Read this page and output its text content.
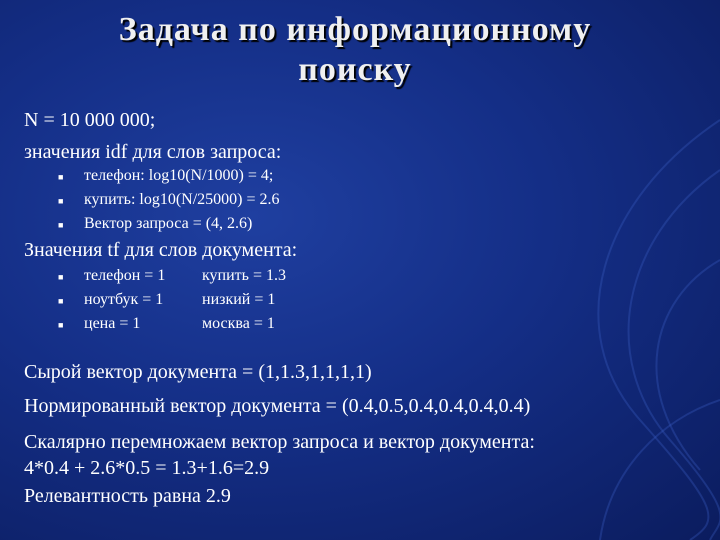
Задача по информационному
поиску
N = 10 000 000;
значения idf для слов запроса:
■ телефон: log10(N/1000) = 4;
■ купить: log10(N/25000) = 2.6
■ Вектор запроса = (4, 2.6)
Значения tf для слов документа:
■ телефон = 1 купить = 1.3
■ ноутбук = 1 низкий = 1
■ цена = 1	москва = 1
Сырой вектор документа = (1,1.3,1,1,1,1)
Нормированный вектор документа = (0.4,0.5,0.4,0.4,0.4,0.4)
Скалярно перемножаем вектор запроса и вектор документа:
4*0.4 + 2.6*0.5 = 1.3+1.6=2.9
Релевантность равна 2.9
